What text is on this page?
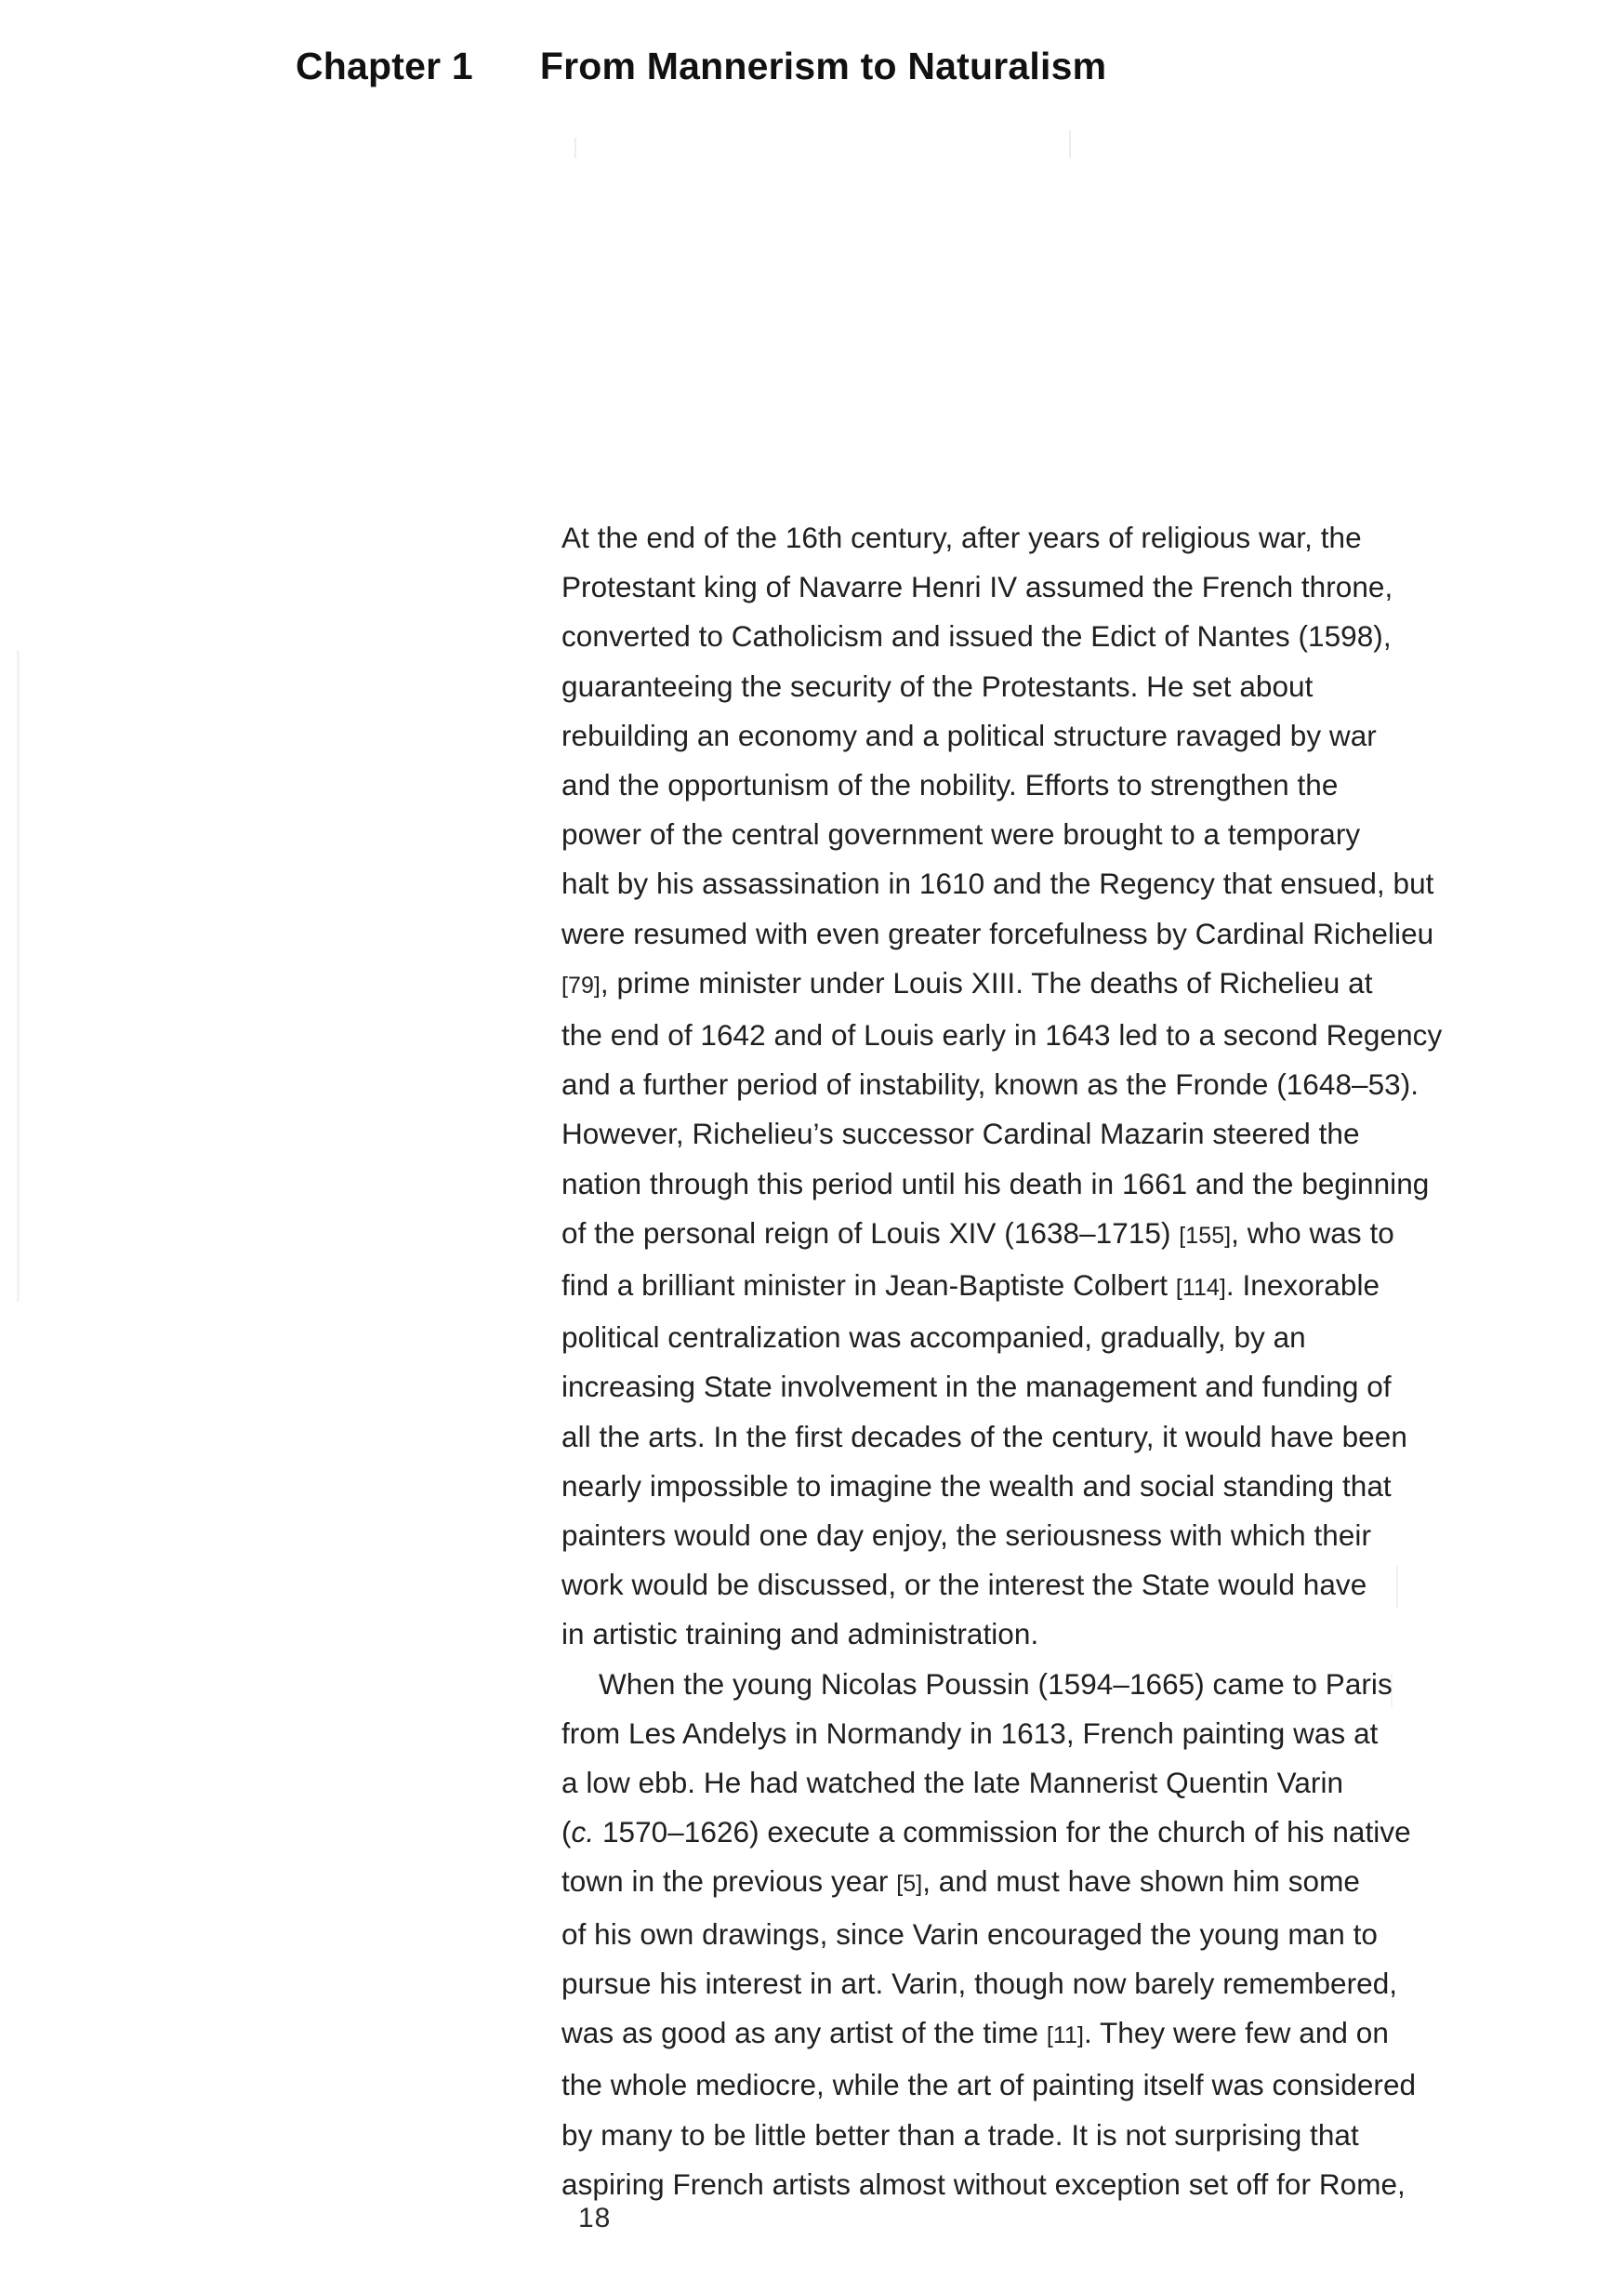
Chapter 1 From Mannerism to Naturalism
At the end of the 16th century, after years of religious war, the
Protestant king of Navarre Henri IV assumed the French throne,
converted to Catholicism and issued the Edict of Nantes (1598),
guaranteeing the security of the Protestants. He set about
rebuilding an economy and a political structure ravaged by war
and the opportunism of the nobility. Efforts to strengthen the
power of the central government were brought to a temporary
halt by his assassination in 1610 and the Regency that ensued, but
were resumed with even greater forcefulness by Cardinal Richelieu
[79], prime minister under Louis XIII. The deaths of Richelieu at
the end of 1642 and of Louis early in 1643 led to a second Regency
and a further period of instability, known as the Fronde (1648–53).
However, Richelieu’s successor Cardinal Mazarin steered the
nation through this period until his death in 1661 and the beginning
of the personal reign of Louis XIV (1638–1715) [155], who was to
find a brilliant minister in Jean-Baptiste Colbert [114]. Inexorable
political centralization was accompanied, gradually, by an
increasing State involvement in the management and funding of
all the arts. In the first decades of the century, it would have been
nearly impossible to imagine the wealth and social standing that
painters would one day enjoy, the seriousness with which their
work would be discussed, or the interest the State would have
in artistic training and administration.
When the young Nicolas Poussin (1594–1665) came to Paris
from Les Andelys in Normandy in 1613, French painting was at
a low ebb. He had watched the late Mannerist Quentin Varin
(c. 1570–1626) execute a commission for the church of his native
town in the previous year [5], and must have shown him some
of his own drawings, since Varin encouraged the young man to
pursue his interest in art. Varin, though now barely remembered,
was as good as any artist of the time [11]. They were few and on
the whole mediocre, while the art of painting itself was considered
by many to be little better than a trade. It is not surprising that
aspiring French artists almost without exception set off for Rome,
18
